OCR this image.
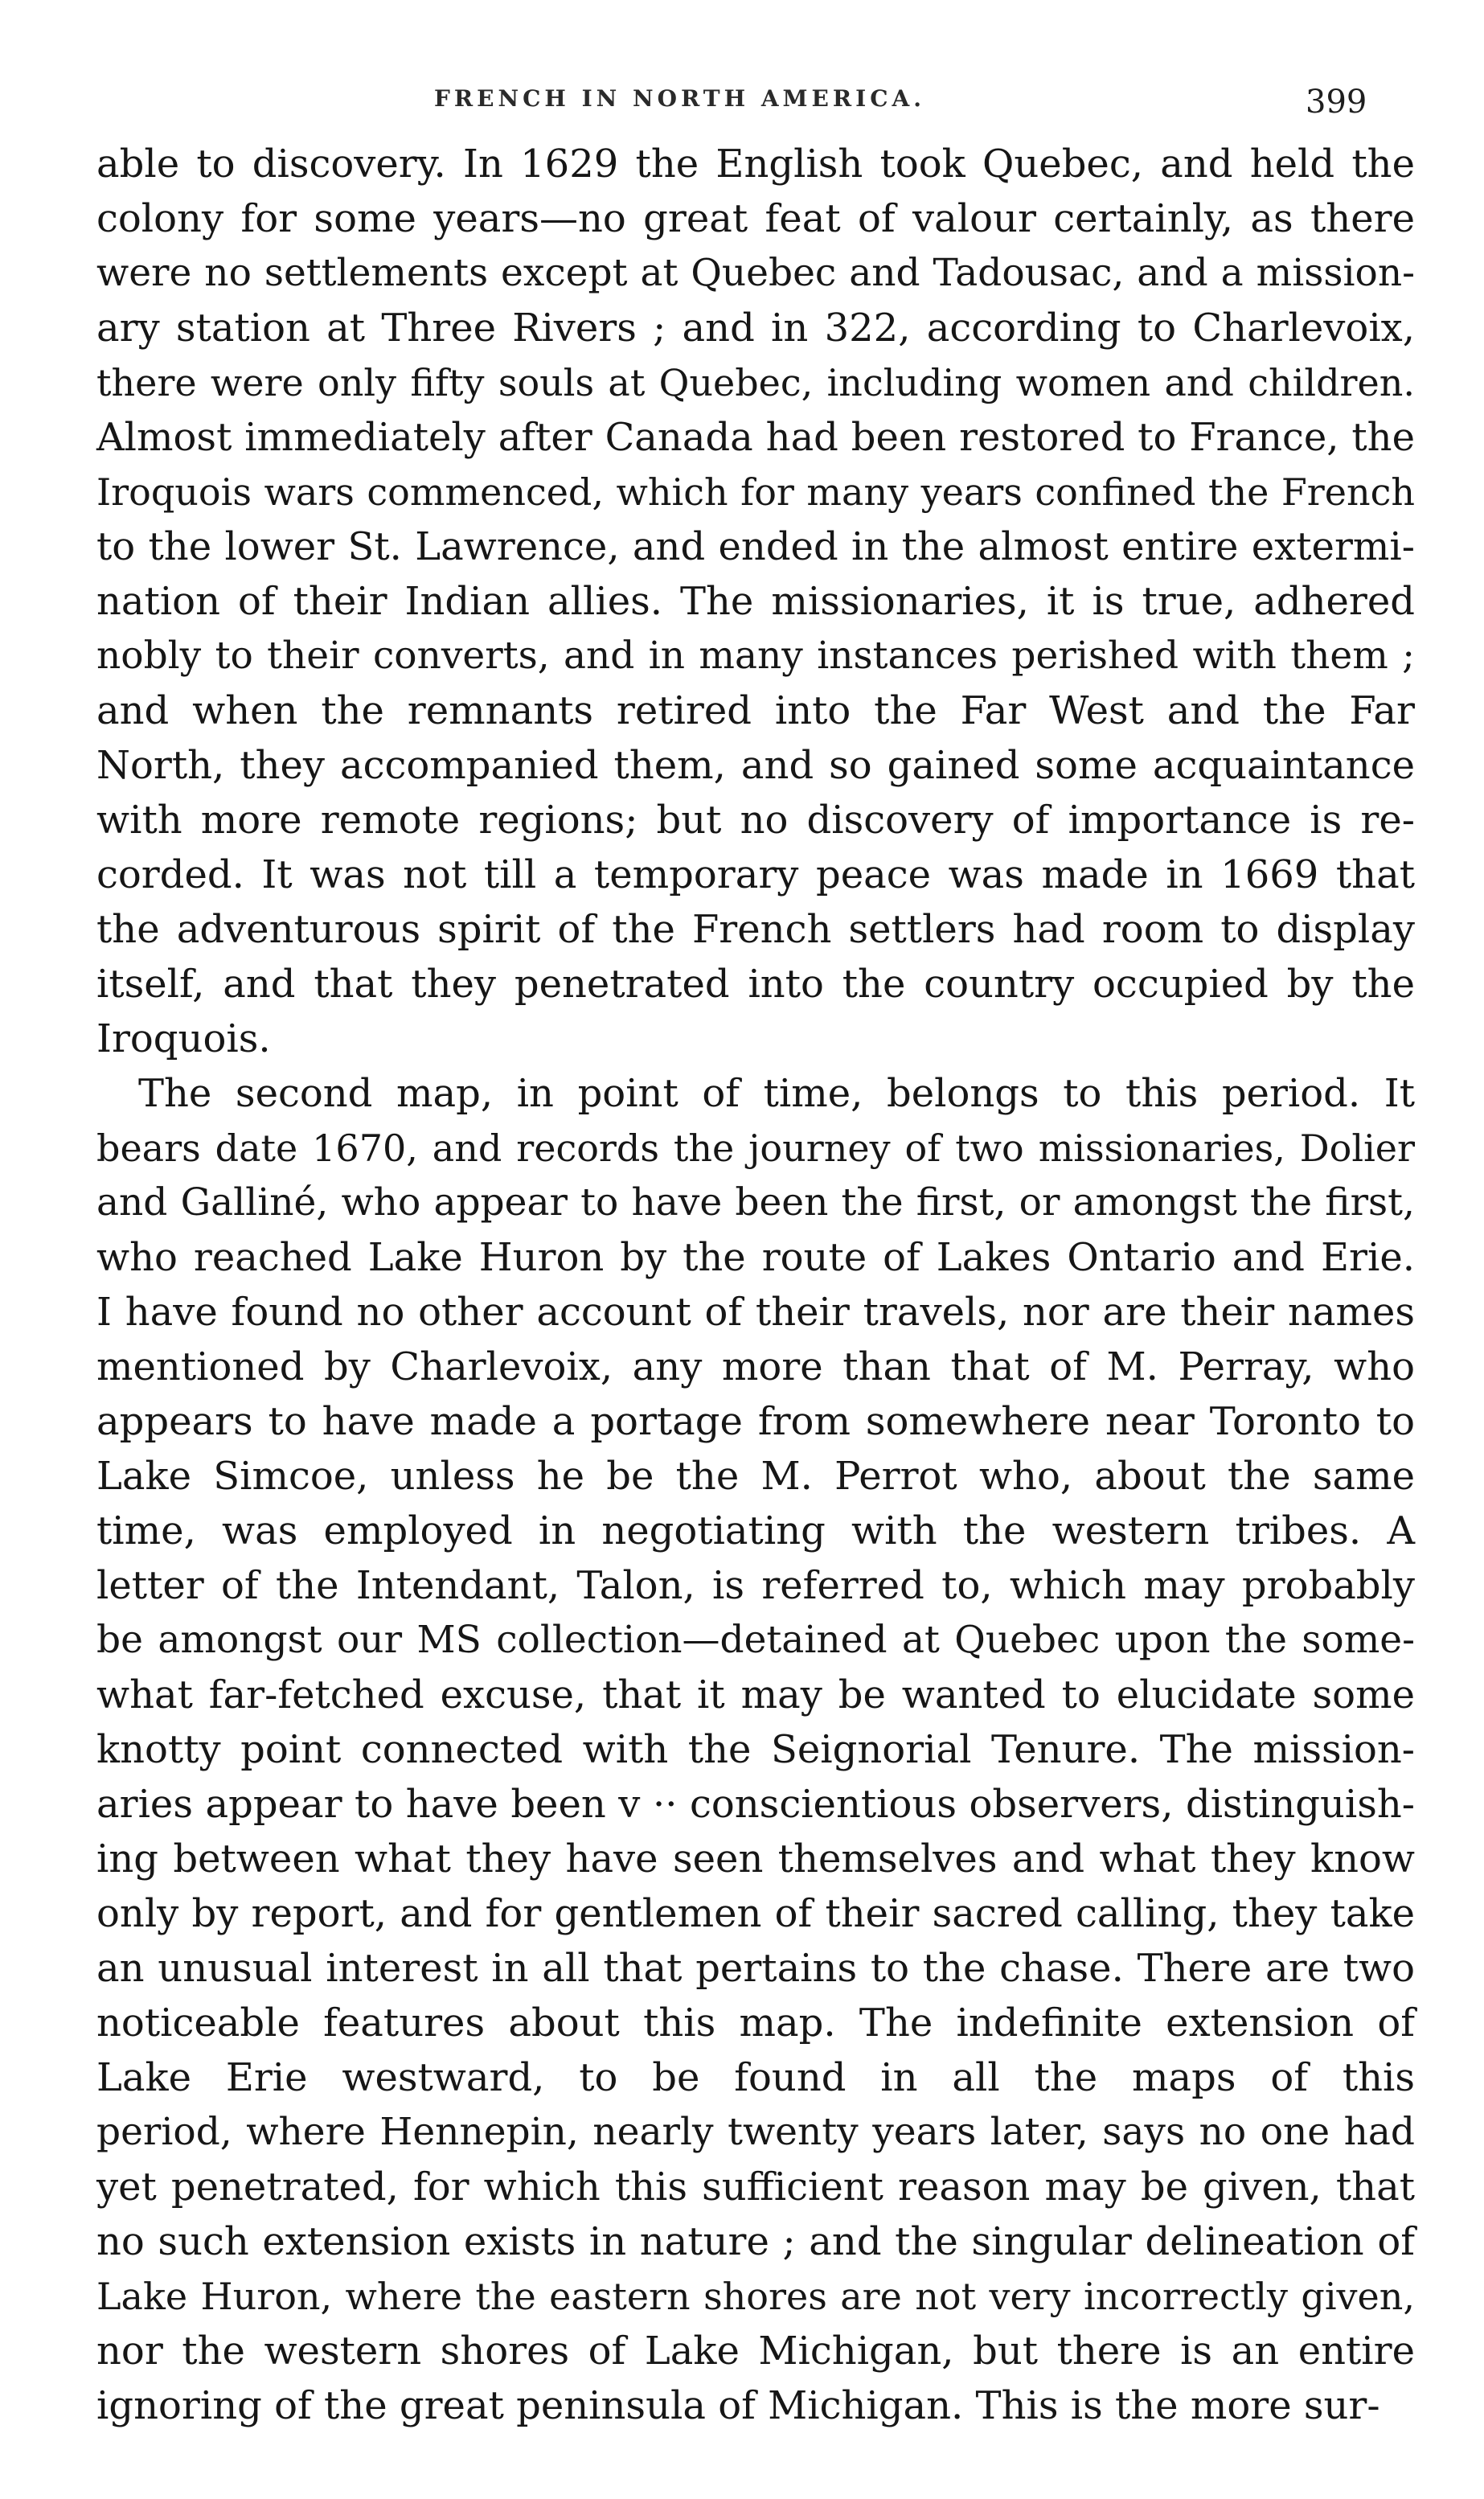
FRENCH IN NORTH AMERICA.	399
able to discovery. In 1629 the English took Quebec, and held the
colony for some years—no great feat of valour certainly, as there
were no settlements except at Quebec and Tadousac, and a mission-
ary station at Three Rivers ; and in 322, according to Charlevoix,
there were only fifty souls at Quebec, including women and children.
Almost immediately after Canada had been restored to France, the
Iroquois wars commenced, which for many years confined the French
to the lower St. Lawrence, and ended in the almost entire extermi-
nation of their Indian allies. The missionaries, it is true, adhered
nobly to their converts, and in many instances perished with them ;
and when the remnants retired into the Far West and the Far
North, they accompanied them, and so gained some acquaintance
with more remote regions; but no discovery of importance is re-
corded. It was not till a temporary peace was made in 1669 that
the adventurous spirit of the French settlers had room to display
itself, and that they penetrated into the country occupied by the
Iroquois.
The second map, in point of time, belongs to this period. It
bears date 1670, and records the journey of two missionaries, Dolier
and Galliné, who appear to have been the first, or amongst the first,
who reached Lake Huron by the route of Lakes Ontario and Erie.
I have found no other account of their travels, nor are their names
mentioned by Charlevoix, any more than that of M. Perray, who
appears to have made a portage from somewhere near Toronto to
Lake Simcoe, unless he be the M. Perrot who, about the same
time, was employed in negotiating with the western tribes. A
letter of the Intendant, Talon, is referred to, which may probably
be amongst our MS collection—detained at Quebec upon the some-
what far-fetched excuse, that it may be wanted to elucidate some
knotty point connected with the Seignorial Tenure. The mission-
aries appear to have been v ·· conscientious observers, distinguish-
ing between what they have seen themselves and what they know
only by report, and for gentlemen of their sacred calling, they take
an unusual interest in all that pertains to the chase. There are two
noticeable features about this map. The indefinite extension of
Lake Erie westward, to be found in all the maps of this
period, where Hennepin, nearly twenty years later, says no one had
yet penetrated, for which this sufficient reason may be given, that
no such extension exists in nature ; and the singular delineation of
Lake Huron, where the eastern shores are not very incorrectly given,
nor the western shores of Lake Michigan, but there is an entire
ignoring of the great peninsula of Michigan. This is the more sur-
